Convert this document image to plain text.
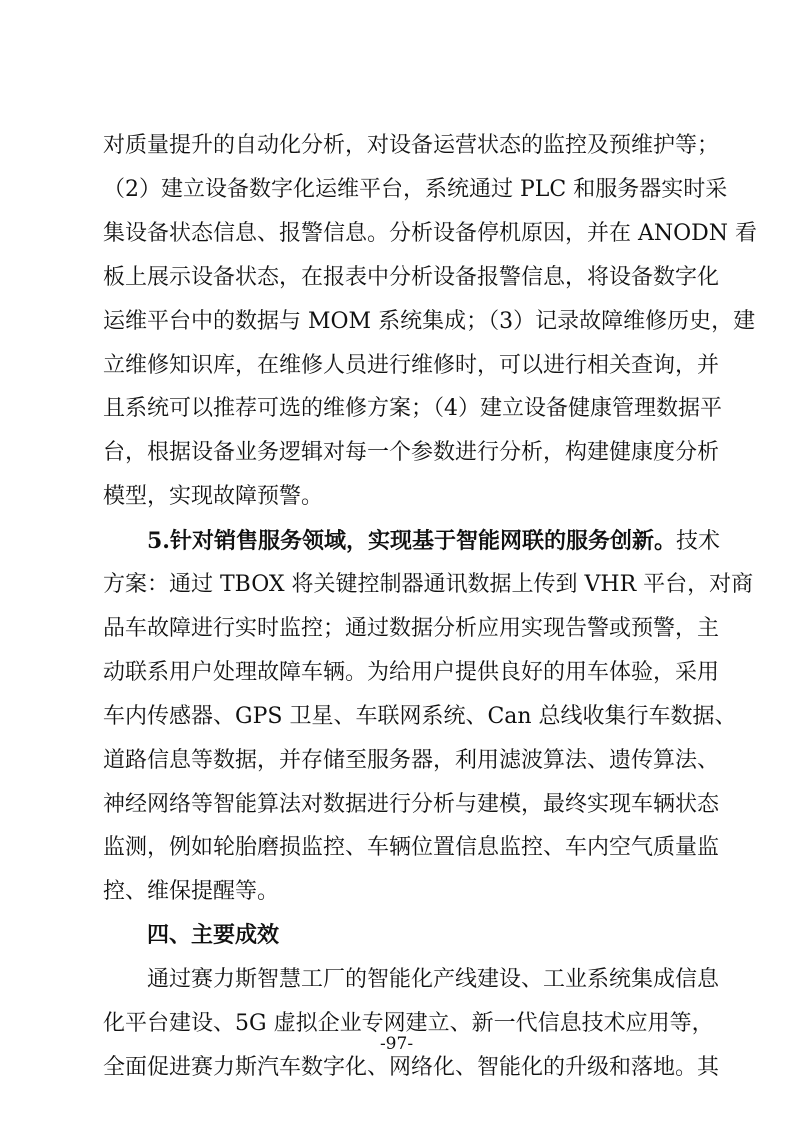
对质量提升的自动化分析，对设备运营状态的监控及预维护等；
（2）建立设备数字化运维平台，系统通过 PLC 和服务器实时采
集设备状态信息、报警信息。分析设备停机原因，并在 ANODN 看
板上展示设备状态，在报表中分析设备报警信息，将设备数字化
运维平台中的数据与 MOM 系统集成；（3）记录故障维修历史，建
立维修知识库，在维修人员进行维修时，可以进行相关查询，并
且系统可以推荐可选的维修方案；（4）建立设备健康管理数据平
台，根据设备业务逻辑对每一个参数进行分析，构建健康度分析
模型，实现故障预警。
5.针对销售服务领域，实现基于智能网联的服务创新。技术
方案：通过 TBOX 将关键控制器通讯数据上传到 VHR 平台，对商
品车故障进行实时监控；通过数据分析应用实现告警或预警，主
动联系用户处理故障车辆。为给用户提供良好的用车体验，采用
车内传感器、GPS 卫星、车联网系统、Can 总线收集行车数据、
道路信息等数据，并存储至服务器，利用滤波算法、遗传算法、
神经网络等智能算法对数据进行分析与建模，最终实现车辆状态
监测，例如轮胎磨损监控、车辆位置信息监控、车内空气质量监
控、维保提醒等。
四、主要成效
通过赛力斯智慧工厂的智能化产线建设、工业系统集成信息
化平台建设、5G 虚拟企业专网建立、新一代信息技术应用等，
全面促进赛力斯汽车数字化、网络化、智能化的升级和落地。其
-97-
